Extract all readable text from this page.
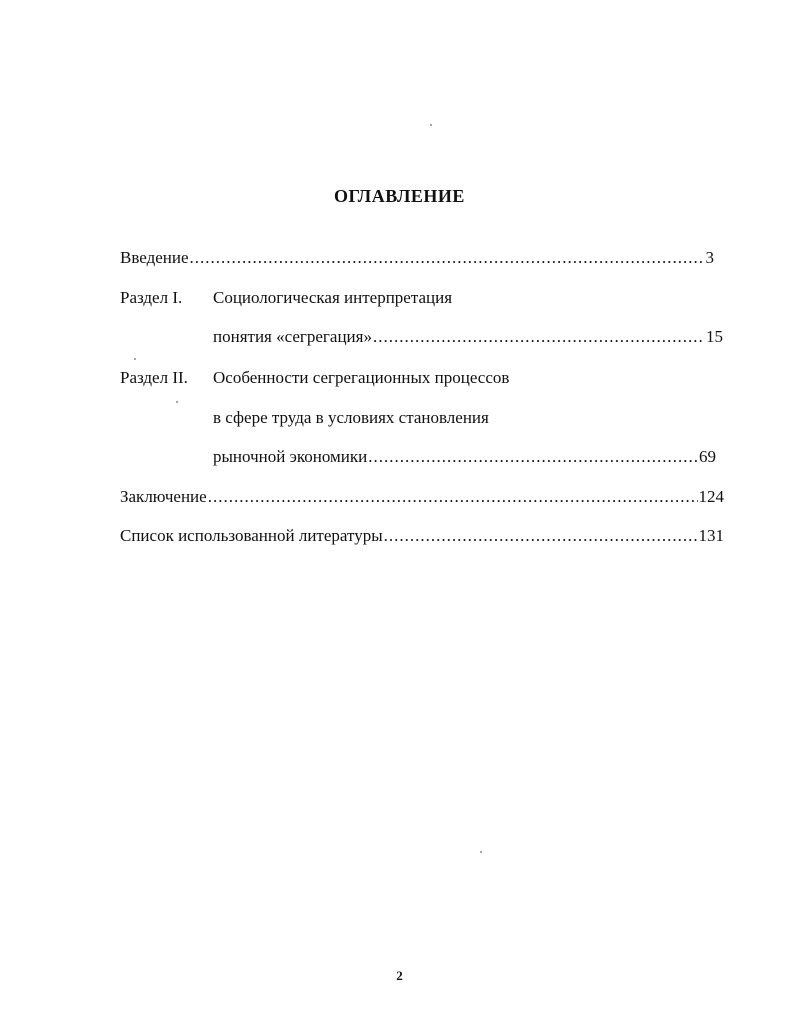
ОГЛАВЛЕНИЕ
Введение .....	3
Раздел I. Социологическая интерпретация
понятия «сегрегация» .....	15
Раздел II. Особенности сегрегационных процессов
в сфере труда в условиях становления
рыночной экономики .....	69
Заключение .....	124
Список использованной литературы .....	131
2
